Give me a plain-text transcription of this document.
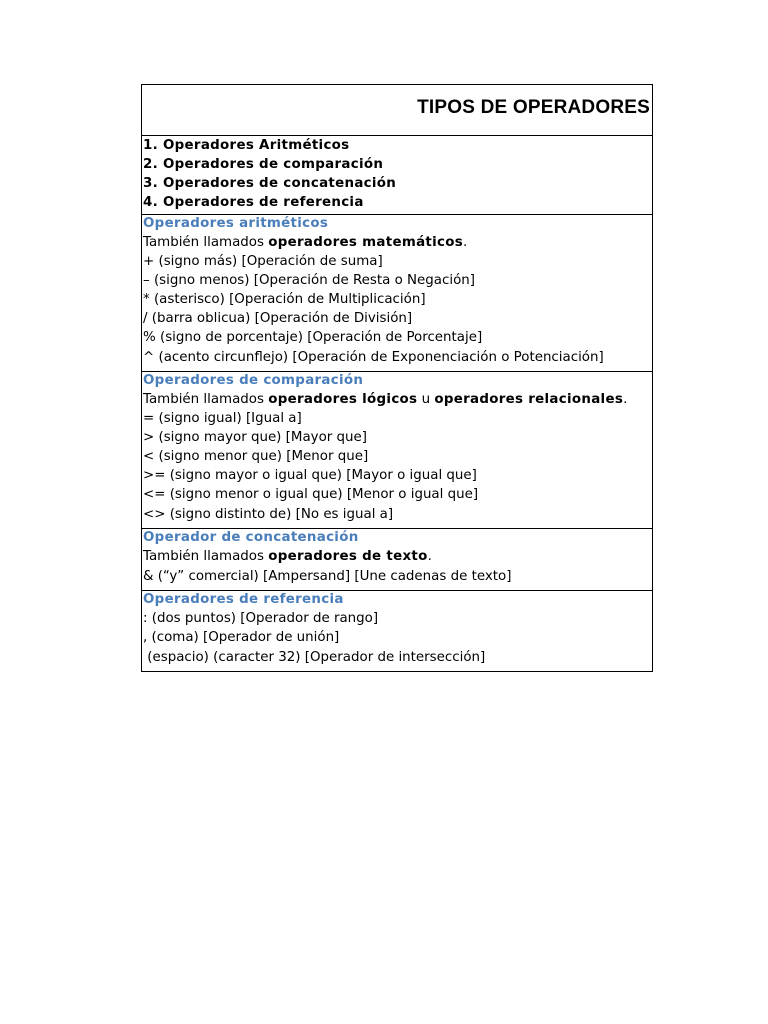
TIPOS DE OPERADORES
1. Operadores Aritméticos
2. Operadores de comparación
3. Operadores de concatenación
4. Operadores de referencia
Operadores aritméticos
También llamados operadores matemáticos.
+ (signo más) [Operación de suma]
– (signo menos) [Operación de Resta o Negación]
* (asterisco) [Operación de Multiplicación]
/ (barra oblicua) [Operación de División]
% (signo de porcentaje) [Operación de Porcentaje]
^ (acento circunflejo) [Operación de Exponenciación o Potenciación]
Operadores de comparación
También llamados operadores lógicos u operadores relacionales.
= (signo igual) [Igual a]
> (signo mayor que) [Mayor que]
< (signo menor que) [Menor que]
>= (signo mayor o igual que) [Mayor o igual que]
<= (signo menor o igual que) [Menor o igual que]
<> (signo distinto de) [No es igual a]
Operador de concatenación
También llamados operadores de texto.
& (“y” comercial) [Ampersand] [Une cadenas de texto]
Operadores de referencia
: (dos puntos) [Operador de rango]
, (coma) [Operador de unión]
(espacio) (caracter 32) [Operador de intersección]
